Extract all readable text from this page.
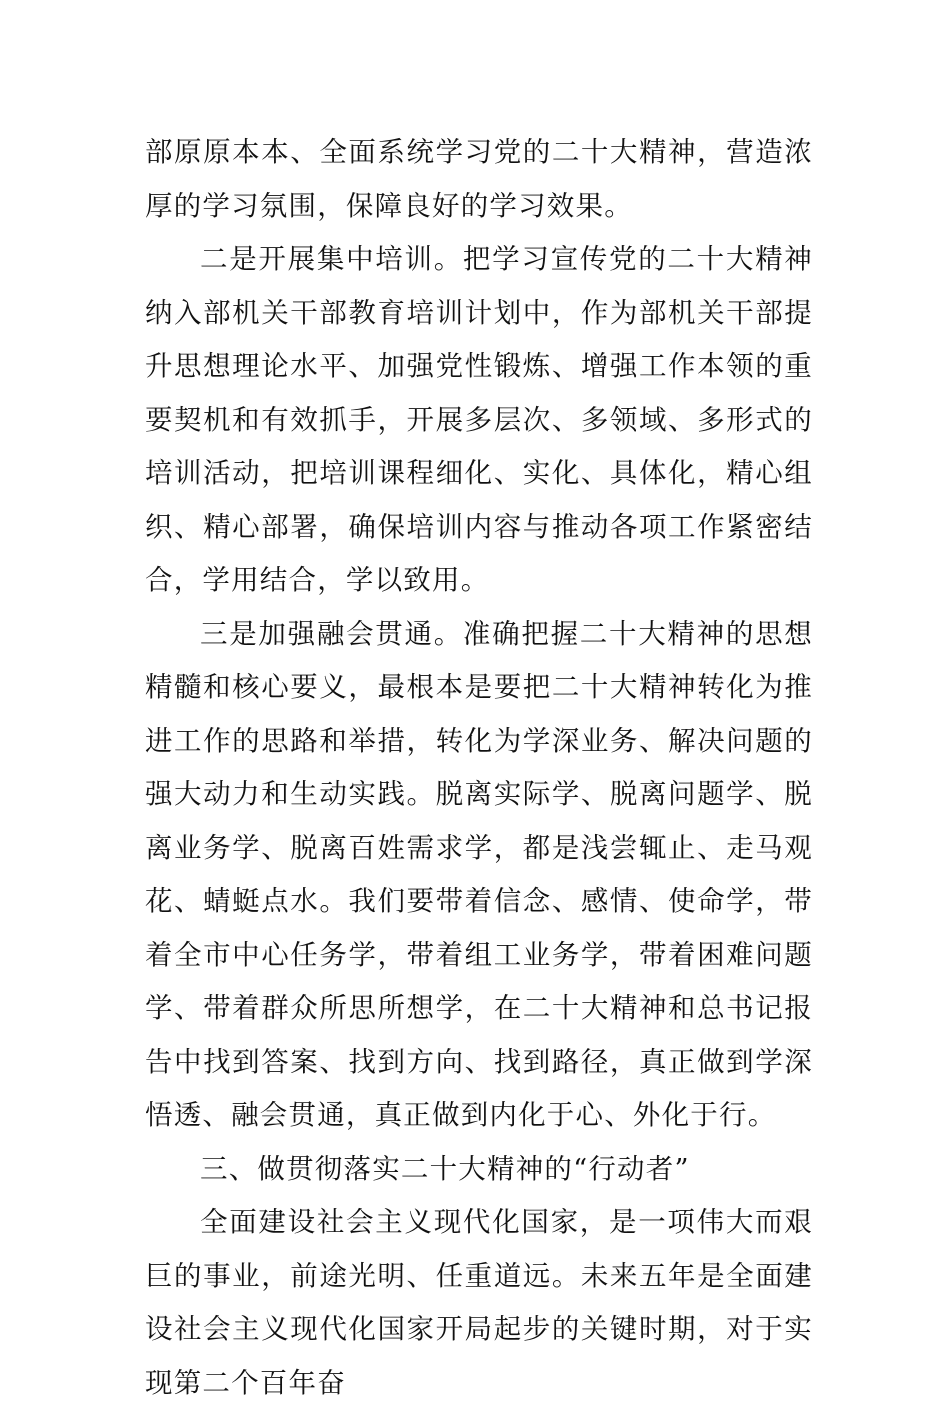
部原原本本、全面系统学习党的二十大精神，营造浓厚的学习氛围，保障良好的学习效果。

二是开展集中培训。把学习宣传党的二十大精神纳入部机关干部教育培训计划中，作为部机关干部提升思想理论水平、加强党性锻炼、增强工作本领的重要契机和有效抓手，开展多层次、多领域、多形式的培训活动，把培训课程细化、实化、具体化，精心组织、精心部署，确保培训内容与推动各项工作紧密结合，学用结合，学以致用。

三是加强融会贯通。准确把握二十大精神的思想精髓和核心要义，最根本是要把二十大精神转化为推进工作的思路和举措，转化为学深业务、解决问题的强大动力和生动实践。脱离实际学、脱离问题学、脱离业务学、脱离百姓需求学，都是浅尝辄止、走马观花、蜻蜓点水。我们要带着信念、感情、使命学，带着全市中心任务学，带着组工业务学，带着困难问题学、带着群众所思所想学，在二十大精神和总书记报告中找到答案、找到方向、找到路径，真正做到学深悟透、融会贯通，真正做到内化于心、外化于行。

三、做贯彻落实二十大精神的“行动者”

全面建设社会主义现代化国家，是一项伟大而艰巨的事业，前途光明、任重道远。未来五年是全面建设社会主义现代化国家开局起步的关键时期，对于实现第二个百年奋
